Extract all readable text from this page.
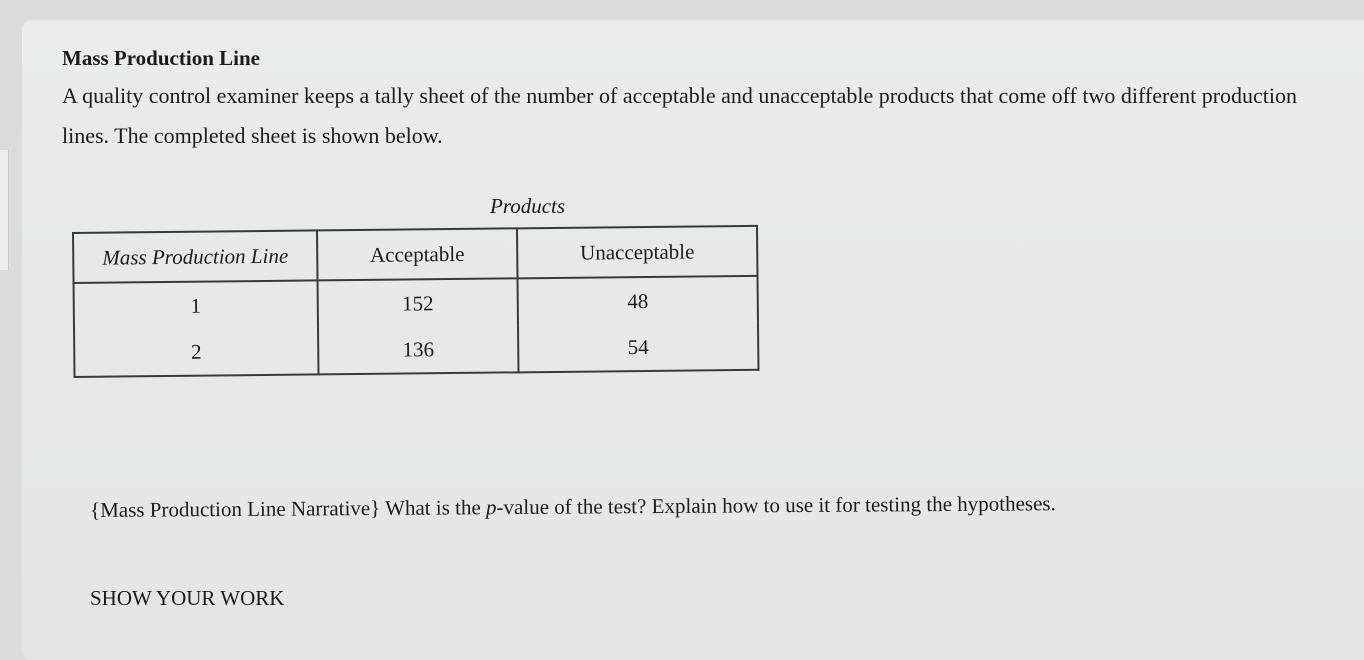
Mass Production Line
A quality control examiner keeps a tally sheet of the number of acceptable and unacceptable products that come off two different production lines. The completed sheet is shown below.
Products
Mass Production Line	Acceptable	Unacceptable
1	152	48
2	136	54
{Mass Production Line Narrative} What is the p-value of the test? Explain how to use it for testing the hypotheses.
SHOW YOUR WORK
